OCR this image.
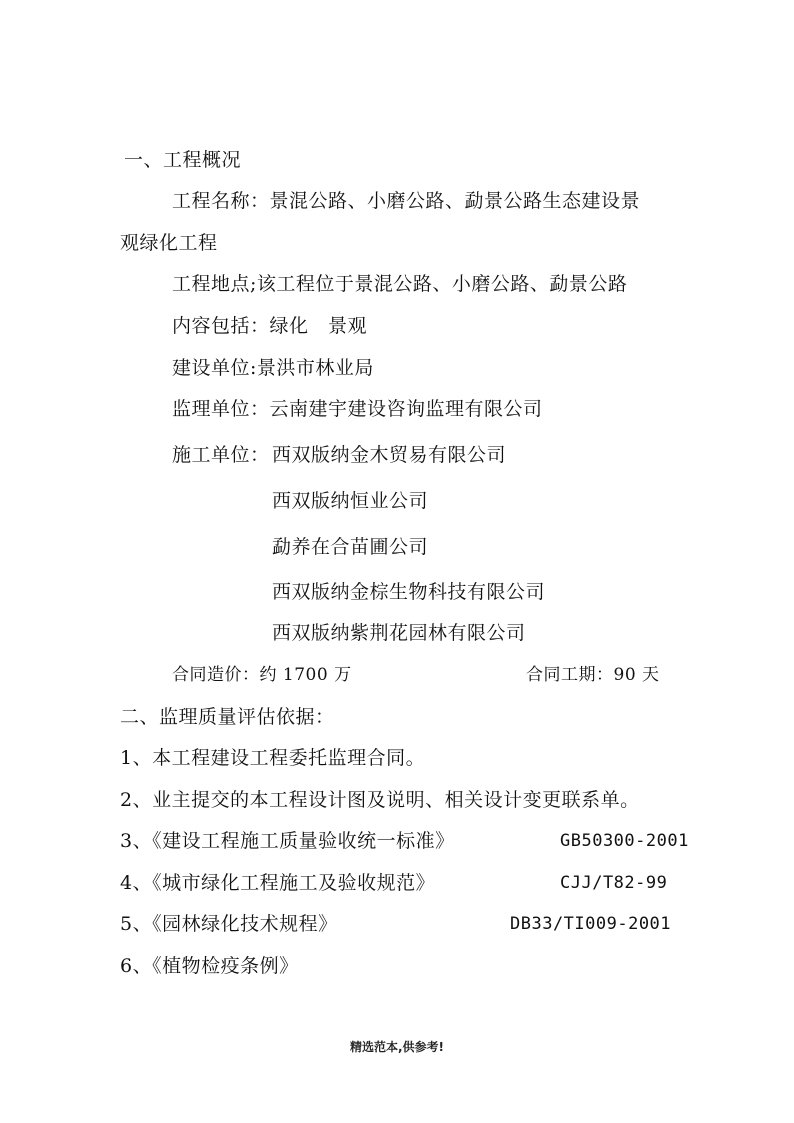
一、工程概况
工程名称：景混公路、小磨公路、勐景公路生态建设景
观绿化工程
工程地点;该工程位于景混公路、小磨公路、勐景公路
内容包括：绿化　景观
建设单位:景洪市林业局
监理单位：云南建宇建设咨询监理有限公司
施工单位： 西双版纳金木贸易有限公司
西双版纳恒业公司
勐养在合苗圃公司
西双版纳金棕生物科技有限公司
西双版纳紫荆花园林有限公司
合同造价：约 1700 万	合同工期：90 天
二、监理质量评估依据：
1、本工程建设工程委托监理合同。
2、业主提交的本工程设计图及说明、相关设计变更联系单。
3、《建设工程施工质量验收统一标准》	GB50300-2001
4、《城市绿化工程施工及验收规范》	CJJ/T82-99
5、《园林绿化技术规程》	DB33/TI009-2001
6、《植物检疫条例》
精选范本,供参考!
